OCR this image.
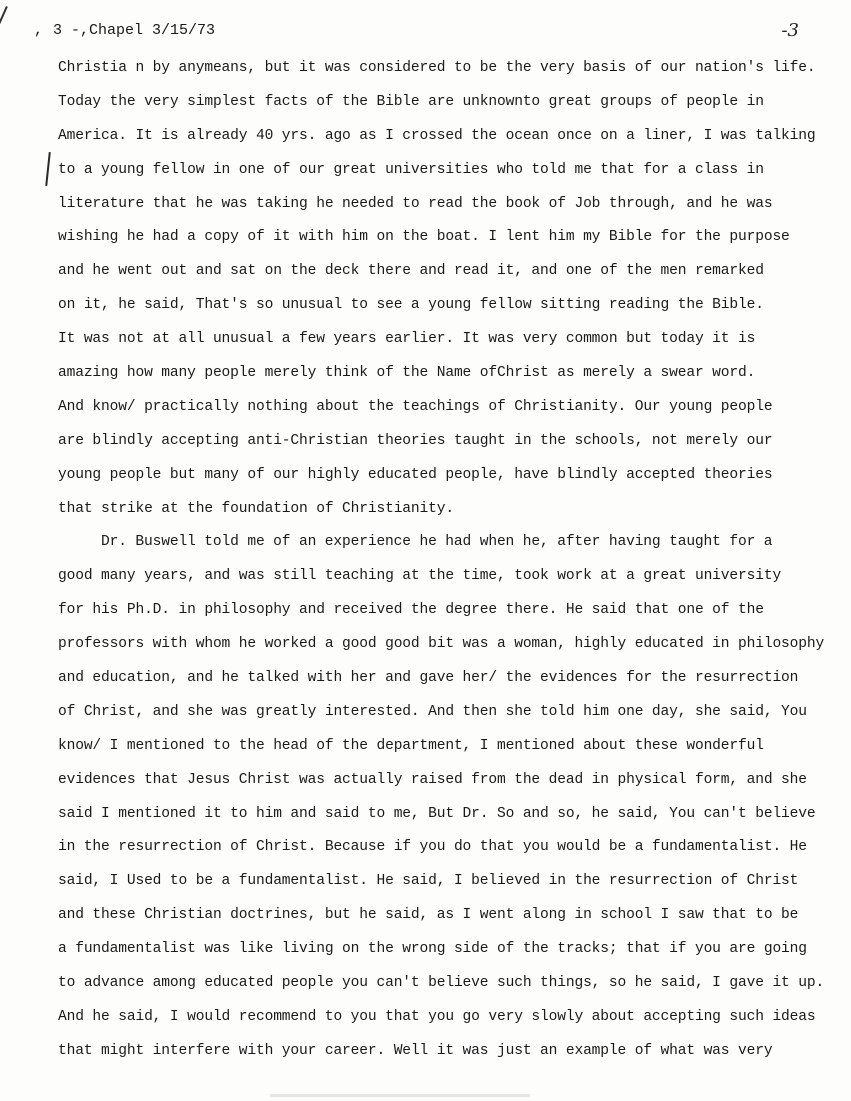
, 3 -,Chapel 3/15/73	-3
Christia n by anymeans, but it was considered to be the very basis of our nation's life.
Today the very simplest facts of the Bible are unknownto great groups of people in
America. It is already 40 yrs. ago as I crossed the ocean once on a liner, I was talking
to a young fellow in one of our great universities who told me that for a class in
literature that he was taking he needed to read the book of Job through, and he was
wishing he had a copy of it with him on the boat. I lent him my Bible for the purpose
and he went out and sat on the deck there and read it, and one of the men remarked
on it, he said, That's so unusual to see a young fellow sitting reading the Bible.
It was not at all unusual a few years earlier. It was very common but today it is
amazing how many people merely think of the Name ofChrist as merely a swear word.
And know/ practically nothing about the teachings of Christianity. Our young people
are blindly accepting anti-Christian theories taught in the schools, not merely our
young people but many of our highly educated people, have blindly accepted theories
that strike at the foundation of Christianity.
Dr. Buswell told me of an experience he had when he, after having taught for a
good many years, and was still teaching at the time, took work at a great university
for his Ph.D. in philosophy and received the degree there. He said that one of the
professors with whom he worked a good good bit was a woman, highly educated in philosophy
and education, and he talked with her and gave her/ the evidences for the resurrection
of Christ, and she was greatly interested. And then she told him one day, she said, You
know/ I mentioned to the head of the department, I mentioned about these wonderful
evidences that Jesus Christ was actually raised from the dead in physical form, and she
said I mentioned it to him and said to me, But Dr. So and so, he said, You can't believe
in the resurrection of Christ. Because if you do that you would be a fundamentalist. He
said, I Used to be a fundamentalist. He said, I believed in the resurrection of Christ
and these Christian doctrines, but he said, as I went along in school I saw that to be
a fundamentalist was like living on the wrong side of the tracks; that if you are going
to advance among educated people you can't believe such things, so he said, I gave it up.
And he said, I would recommend to you that you go very slowly about accepting such ideas
that might interfere with your career. Well it was just an example of what was very
